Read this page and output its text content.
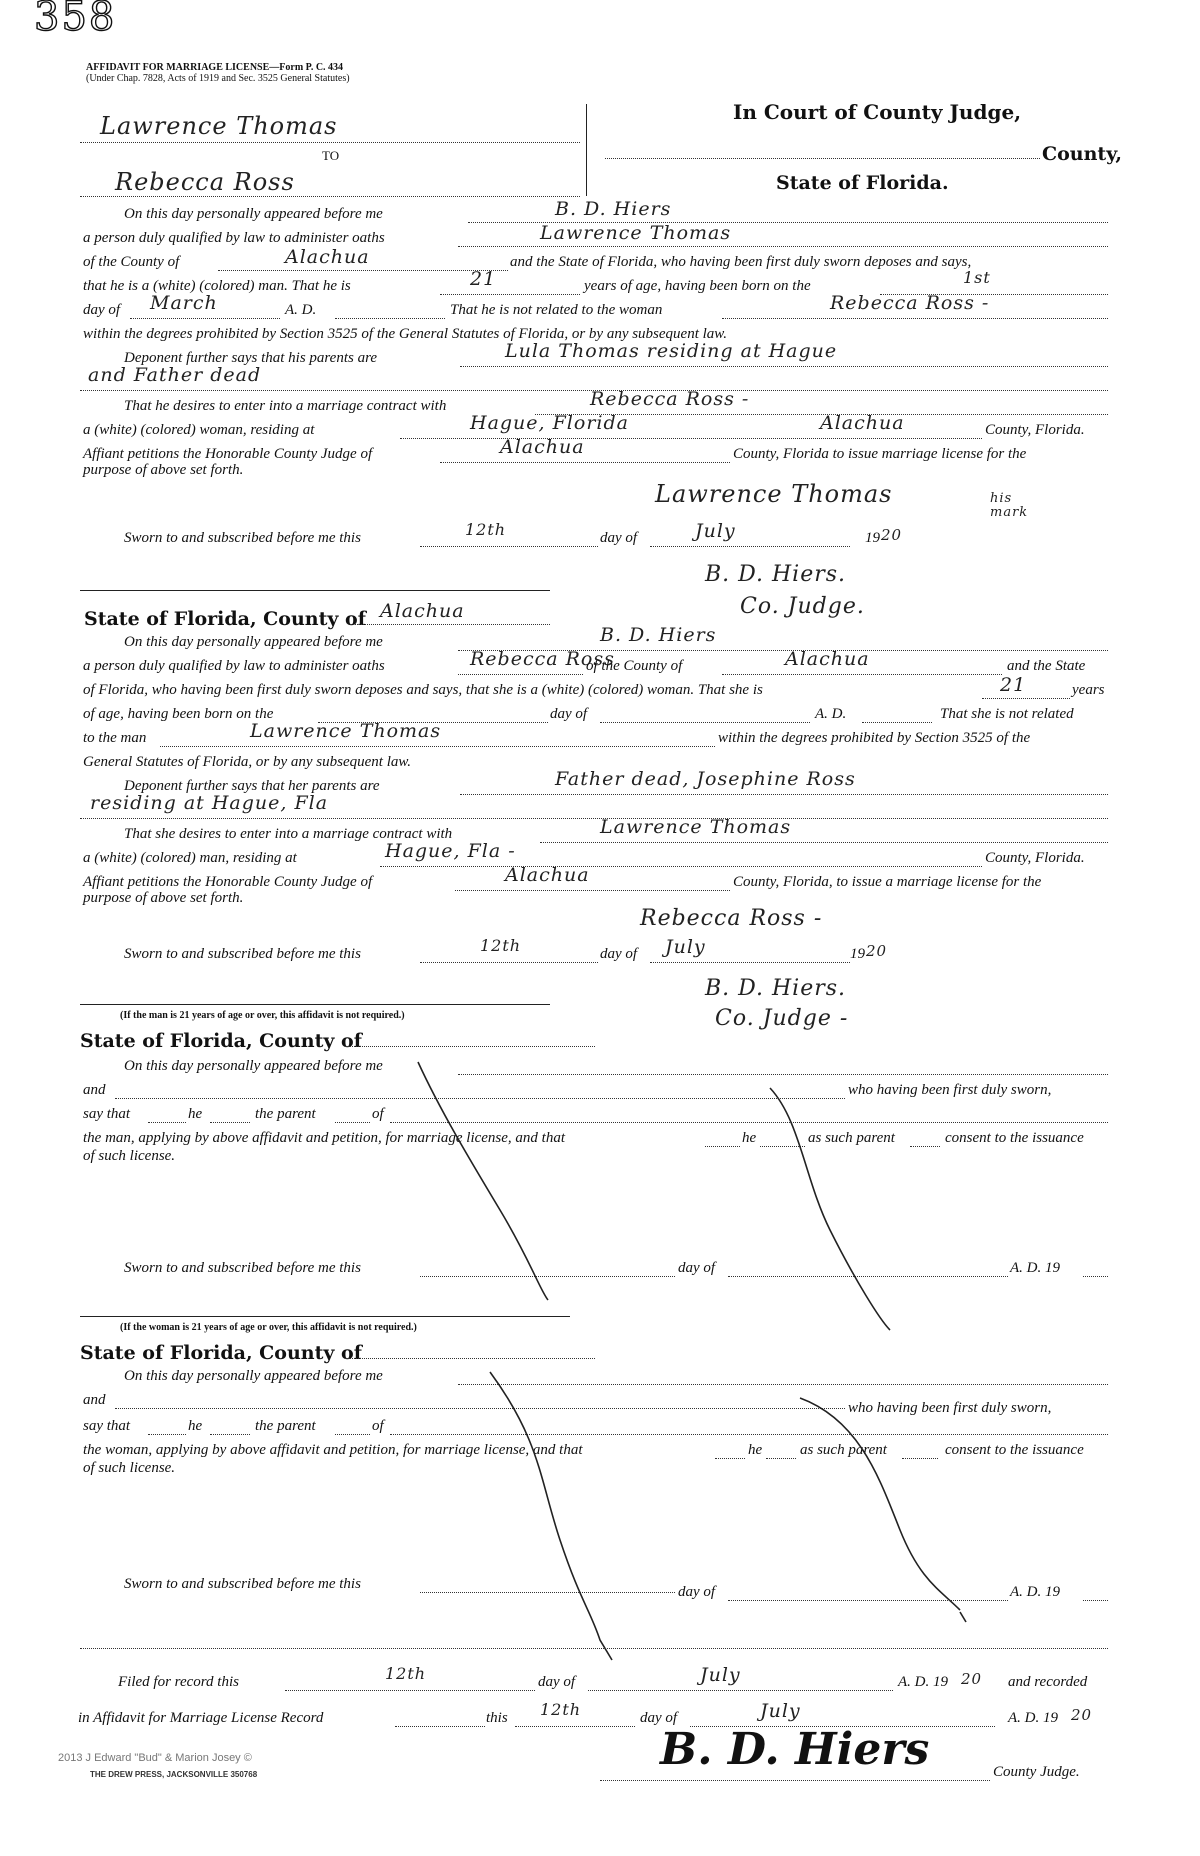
358
AFFIDAVIT FOR MARRIAGE LICENSE—Form P. C. 434
(Under Chap. 7828, Acts of 1919 and Sec. 3525 General Statutes)
Lawrence Thomas
TO
Rebecca Ross
In Court of County Judge,
County,
State of Florida.
On this day personally appeared before me	B. D. Hiers
a person duly qualified by law to administer oaths	Lawrence Thomas
of the County of	Alachua	and the State of Florida, who having been first duly sworn deposes and says,
that he is a (white) (colored) man. That he is	21	years of age, having been born on the	1st
day of March	A. D.	That he is not related to the woman	Rebecca Ross -
within the degrees prohibited by Section 3525 of the General Statutes of Florida, or by any subsequent law.
Deponent further says that his parents are	Lula Thomas residing at Hague
and Father dead
That he desires to enter into a marriage contract with	Rebecca Ross -
a (white) (colored) woman, residing at	Hague, Florida	Alachua	County, Florida.
Affiant petitions the Honorable County Judge of	Alachua	County, Florida to issue marriage license for the
purpose of above set forth.
Lawrence Thomas	his mark
Sworn to and subscribed before me this	12th	day of	July	19 20
B. D. Hiers.
Co. Judge.
State of Florida, County of Alachua
On this day personally appeared before me	B. D. Hiers
a person duly qualified by law to administer oaths	Rebecca Ross
of the County of	Alachua	and the State
of Florida, who having been first duly sworn deposes and says, that she is a (white) (colored) woman. That she is	21	years
of age, having been born on the	day of	A. D.	That she is not related
to the man	Lawrence Thomas	within the degrees prohibited by Section 3525 of the
General Statutes of Florida, or by any subsequent law.
Deponent further says that her parents are	Father dead, Josephine Ross
residing at Hague, Fla
That she desires to enter into a marriage contract with	Lawrence Thomas
a (white) (colored) man, residing at	Hague, Fla -	County, Florida.
Affiant petitions the Honorable County Judge of	Alachua	County, Florida, to issue a marriage license for the
purpose of above set forth.
Rebecca Ross -
Sworn to and subscribed before me this	12th	day of July	19 20
B. D. Hiers.
Co. Judge -
(If the man is 21 years of age or over, this affidavit is not required.)
State of Florida, County of
On this day personally appeared before me
and	who having been first duly sworn,
say that	he	the parent	of
the man, applying by above affidavit and petition, for marriage license, and that	he	as such parent	consent to the issuance
of such license.
Sworn to and subscribed before me this	day of	A. D. 19
(If the woman is 21 years of age or over, this affidavit is not required.)
State of Florida, County of
On this day personally appeared before me
and	who having been first duly sworn,
say that	he	the parent	of
the woman, applying by above affidavit and petition, for marriage license, and that	he	as such parent	consent to the issuance
of such license.
Sworn to and subscribed before me this	day of	A. D. 19
Filed for record this	12th	day of	July	A. D. 19 20 and recorded
in Affidavit for Marriage License Record	this 12th	day of	July	A. D. 19 20
B. D. Hiers	County Judge.
2013 J Edward "Bud" & Marion Josey ©
THE DREW PRESS, JACKSONVILLE 350768
